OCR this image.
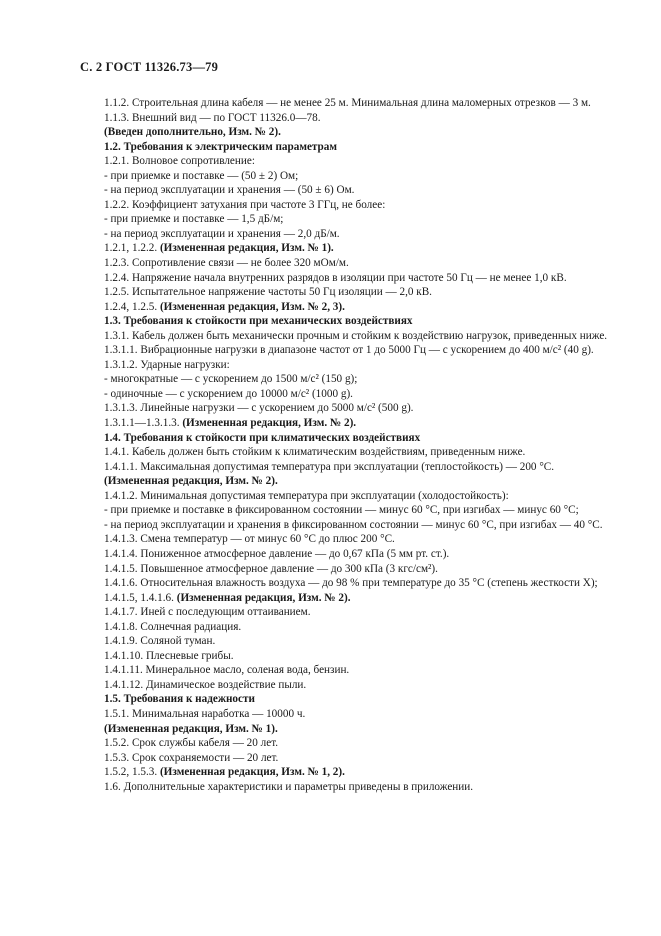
С. 2 ГОСТ 11326.73—79

1.1.2. Строительная длина кабеля — не менее 25 м. Минимальная длина маломерных отрезков — 3 м.

1.1.3. Внешний вид — по ГОСТ 11326.0—78.

(Введен дополнительно, Изм. № 2).

1.2. Требования к электрическим параметрам

1.2.1. Волновое сопротивление:

- при приемке и поставке — (50 ± 2) Ом;

- на период эксплуатации и хранения — (50 ± 6) Ом.

1.2.2. Коэффициент затухания при частоте 3 ГГц, не более:

- при приемке и поставке — 1,5 дБ/м;

- на период эксплуатации и хранения — 2,0 дБ/м.

1.2.1, 1.2.2. (Измененная редакция, Изм. № 1).

1.2.3. Сопротивление связи — не более 320 мОм/м.

1.2.4. Напряжение начала внутренних разрядов в изоляции при частоте 50 Гц — не менее 1,0 кВ.

1.2.5. Испытательное напряжение частоты 50 Гц изоляции — 2,0 кВ.

1.2.4, 1.2.5. (Измененная редакция, Изм. № 2, 3).

1.3. Требования к стойкости при механических воздействиях

1.3.1. Кабель должен быть механически прочным и стойким к воздействию нагрузок, приведенных ниже.

1.3.1.1. Вибрационные нагрузки в диапазоне частот от 1 до 5000 Гц — с ускорением до 400 м/с² (40 g).

1.3.1.2. Ударные нагрузки:

- многократные — с ускорением до 1500 м/с² (150 g);

- одиночные — с ускорением до 10000 м/с² (1000 g).

1.3.1.3. Линейные нагрузки — с ускорением до 5000 м/с² (500 g).

1.3.1.1—1.3.1.3. (Измененная редакция, Изм. № 2).

1.4. Требования к стойкости при климатических воздействиях

1.4.1. Кабель должен быть стойким к климатическим воздействиям, приведенным ниже.

1.4.1.1. Максимальная допустимая температура при эксплуатации (теплостойкость) — 200 °С.

(Измененная редакция, Изм. № 2).

1.4.1.2. Минимальная допустимая температура при эксплуатации (холодостойкость):

- при приемке и поставке в фиксированном состоянии — минус 60 °С, при изгибах — минус 60 °С;

- на период эксплуатации и хранения в фиксированном состоянии — минус 60 °С, при изгибах — 40 °С.

1.4.1.3. Смена температур — от минус 60 °С до плюс 200 °С.

1.4.1.4. Пониженное атмосферное давление — до 0,67 кПа (5 мм рт. ст.).

1.4.1.5. Повышенное атмосферное давление — до 300 кПа (3 кгс/см²).

1.4.1.6. Относительная влажность воздуха — до 98 % при температуре до 35 °С (степень жесткости X);

1.4.1.5, 1.4.1.6. (Измененная редакция, Изм. № 2).

1.4.1.7. Иней с последующим оттаиванием.

1.4.1.8. Солнечная радиация.

1.4.1.9. Соляной туман.

1.4.1.10. Плесневые грибы.

1.4.1.11. Минеральное масло, соленая вода, бензин.

1.4.1.12. Динамическое воздействие пыли.

1.5. Требования к надежности

1.5.1. Минимальная наработка — 10000 ч.

(Измененная редакция, Изм. № 1).

1.5.2. Срок службы кабеля — 20 лет.

1.5.3. Срок сохраняемости — 20 лет.

1.5.2, 1.5.3. (Измененная редакция, Изм. № 1, 2).

1.6. Дополнительные характеристики и параметры приведены в приложении.
